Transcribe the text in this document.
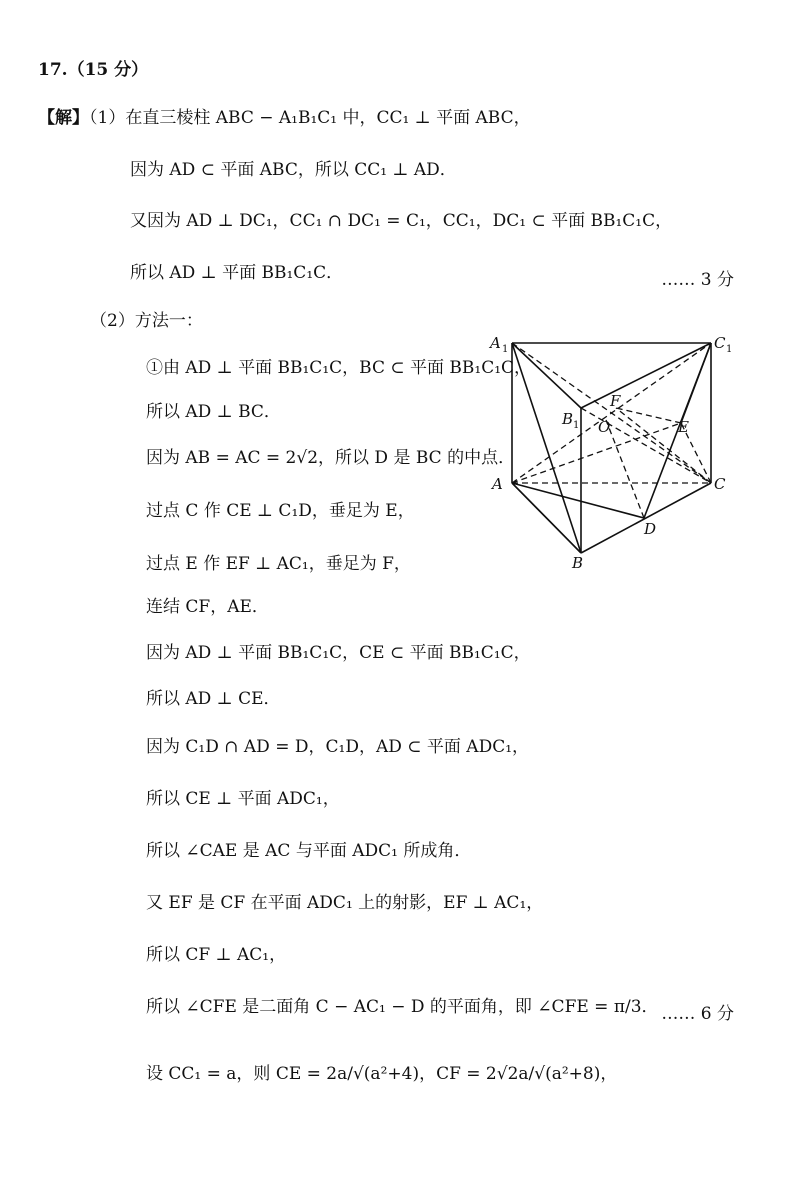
17.（15 分）
【解】（1）在直三棱柱 ABC − A₁B₁C₁ 中，CC₁ ⊥ 平面 ABC，
因为 AD ⊂ 平面 ABC，所以 CC₁ ⊥ AD．
又因为 AD ⊥ DC₁，CC₁ ∩ DC₁ = C₁，CC₁，DC₁ ⊂ 平面 BB₁C₁C，
所以 AD ⊥ 平面 BB₁C₁C．	…… 3 分
（2）方法一：
①由 AD ⊥ 平面 BB₁C₁C，BC ⊂ 平面 BB₁C₁C，
所以 AD ⊥ BC．
因为 AB = AC = 2√2，所以 D 是 BC 的中点．
过点 C 作 CE ⊥ C₁D，垂足为 E，
过点 E 作 EF ⊥ AC₁，垂足为 F，
连结 CF，AE．
因为 AD ⊥ 平面 BB₁C₁C，CE ⊂ 平面 BB₁C₁C，
所以 AD ⊥ CE．
因为 C₁D ∩ AD = D，C₁D，AD ⊂ 平面 ADC₁，
所以 CE ⊥ 平面 ADC₁，
所以 ∠CAE 是 AC 与平面 ADC₁ 所成角．
又 EF 是 CF 在平面 ADC₁ 上的射影，EF ⊥ AC₁，
所以 CF ⊥ AC₁，
所以 ∠CFE 是二面角 C − AC₁ − D 的平面角，即 ∠CFE = π/3． …… 6 分
设 CC₁ = a，则 CE = 2a/√(a²+4)，CF = 2√2a/√(a²+8)，
A 1	C 1
B 1 O
F
E
A	C
D
B
